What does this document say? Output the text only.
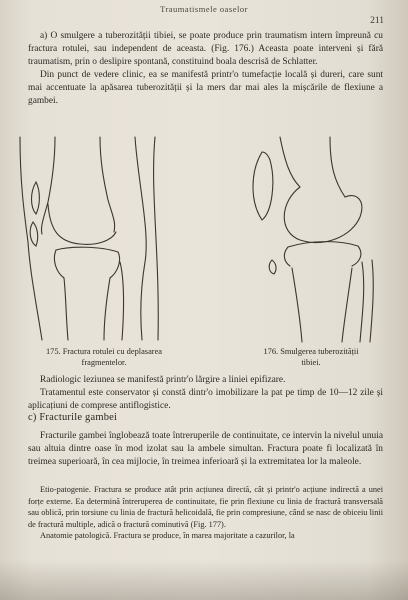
Traumatismele oaselor
211

a) O smulgere a tuberozității tibiei, se poate produce prin traumatism intern împreună cu fractura rotulei, sau independent de aceasta. (Fig. 176.) Aceasta poate interveni și fără traumatism, prin o deslipire spontană, constituind boala descrisă de Schlatter.

Din punct de vedere clinic, ea se manifestă printr'o tumefacție locală și dureri, care sunt mai accentuate la apăsarea tuberozității și la mers dar mai ales la mișcările de flexiune a gambei.

175. Fractura rotulei cu deplasarea
fragmentelor.
176. Smulgerea tuberozității
tibiei.

Radiologic leziunea se manifestă printr'o lărgire a liniei epifizare.

Tratamentul este conservator și constă dintr'o imobilizare la pat pe timp de 10—12 zile și aplicațiuni de comprese antiflogistice.

c) Fracturile gambei

Fracturile gambei înglobează toate întreruperile de continuitate, ce intervin la nivelul unuia sau altuia dintre oase în mod izolat sau la ambele simultan. Fractura poate fi localizată în treimea superioară, în cea mijlocie, în treimea inferioară și la extremitatea lor la maleole.

Etio-patogenie. Fractura se produce atât prin acțiunea directă, cât și printr'o acțiune indirectă a unei forțe externe. Ea determină întreruperea de continuitate, fie prin flexiune cu linia de fractură transversală sau oblică, prin torsiune cu linia de fractură helicoidală, fie prin compresiune, când se nasc de obiceiu linii de fractură multiple, adică o fractură cominutivă (Fig. 177).

Anatomie patologică. Fractura se produce, în marea majoritate a cazurilor, la
